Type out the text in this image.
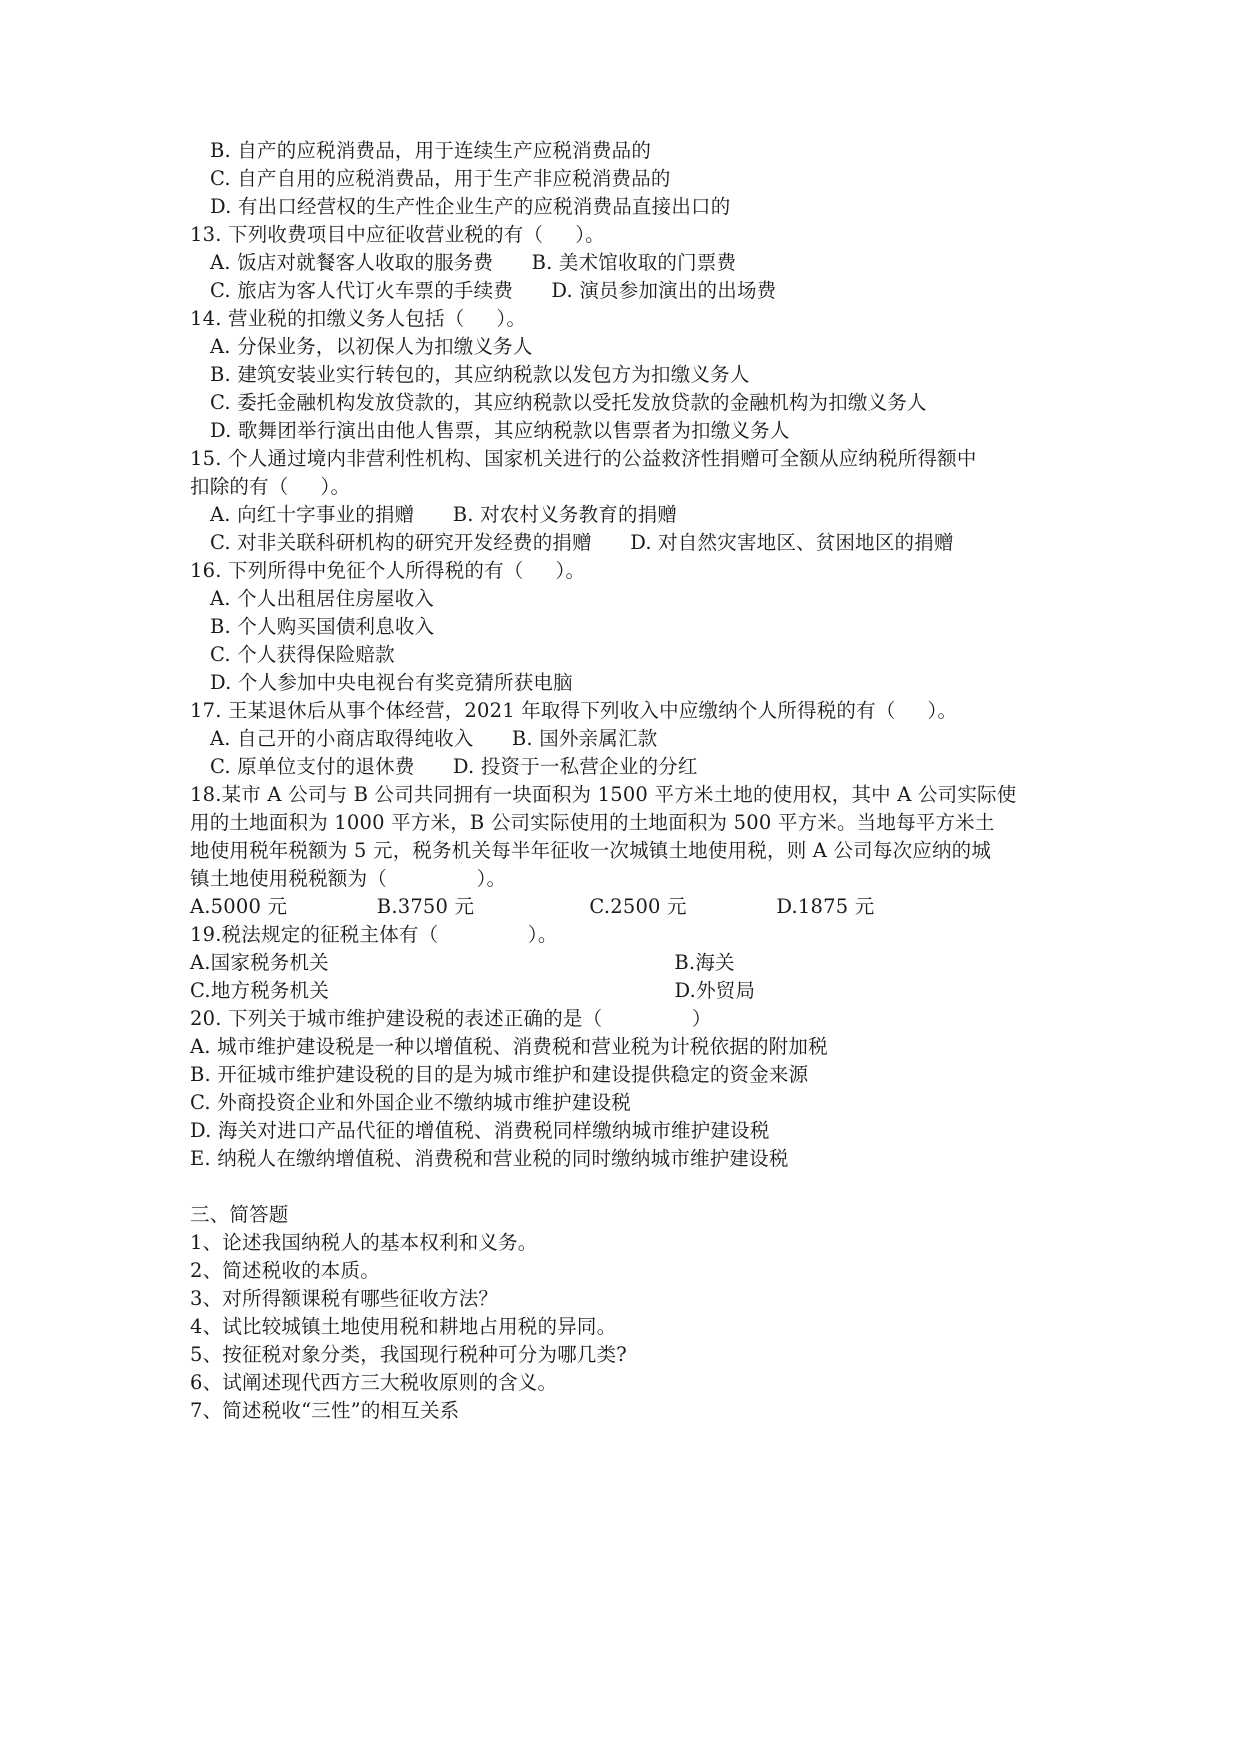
B. 自产的应税消费品，用于连续生产应税消费品的
C. 自产自用的应税消费品，用于生产非应税消费品的
D. 有出口经营权的生产性企业生产的应税消费品直接出口的
13. 下列收费项目中应征收营业税的有（     ）。
A. 饭店对就餐客人收取的服务费      B. 美术馆收取的门票费
C. 旅店为客人代订火车票的手续费      D. 演员参加演出的出场费
14. 营业税的扣缴义务人包括（     ）。
A. 分保业务，以初保人为扣缴义务人
B. 建筑安装业实行转包的，其应纳税款以发包方为扣缴义务人
C. 委托金融机构发放贷款的，其应纳税款以受托发放贷款的金融机构为扣缴义务人
D. 歌舞团举行演出由他人售票，其应纳税款以售票者为扣缴义务人
15. 个人通过境内非营利性机构、国家机关进行的公益救济性捐赠可全额从应纳税所得额中
扣除的有（     ）。
A. 向红十字事业的捐赠      B. 对农村义务教育的捐赠
C. 对非关联科研机构的研究开发经费的捐赠      D. 对自然灾害地区、贫困地区的捐赠
16. 下列所得中免征个人所得税的有（     ）。
A. 个人出租居住房屋收入
B. 个人购买国债利息收入
C. 个人获得保险赔款
D. 个人参加中央电视台有奖竞猜所获电脑
17. 王某退休后从事个体经营，2021 年取得下列收入中应缴纳个人所得税的有（     ）。
A. 自己开的小商店取得纯收入      B. 国外亲属汇款
C. 原单位支付的退休费      D. 投资于一私营企业的分红
18.某市 A 公司与 B 公司共同拥有一块面积为 1500 平方米土地的使用权，其中 A 公司实际使
用的土地面积为 1000 平方米，B 公司实际使用的土地面积为 500 平方米。当地每平方米土
地使用税年税额为 5 元，税务机关每半年征收一次城镇土地使用税，则 A 公司每次应纳的城
镇土地使用税税额为（              ）。
A.5000 元              B.3750 元                  C.2500 元              D.1875 元
19.税法规定的征税主体有（              ）。
A.国家税务机关                                                      B.海关
C.地方税务机关                                                      D.外贸局
20. 下列关于城市维护建设税的表述正确的是（              ）
A. 城市维护建设税是一种以增值税、消费税和营业税为计税依据的附加税
B. 开征城市维护建设税的目的是为城市维护和建设提供稳定的资金来源
C. 外商投资企业和外国企业不缴纳城市维护建设税
D. 海关对进口产品代征的增值税、消费税同样缴纳城市维护建设税
E. 纳税人在缴纳增值税、消费税和营业税的同时缴纳城市维护建设税
三、简答题
1、论述我国纳税人的基本权利和义务。
2、简述税收的本质。
3、对所得额课税有哪些征收方法？
4、试比较城镇土地使用税和耕地占用税的异同。
5、按征税对象分类，我国现行税种可分为哪几类?
6、试阐述现代西方三大税收原则的含义。
7、简述税收“三性”的相互关系
